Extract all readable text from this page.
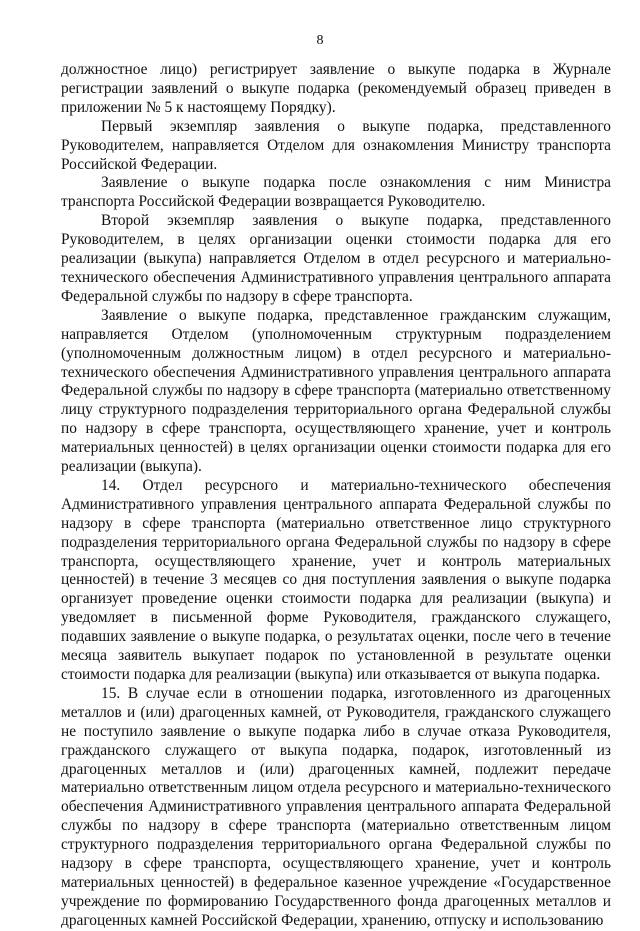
8

должностное лицо) регистрирует заявление о выкупе подарка в Журнале регистрации заявлений о выкупе подарка (рекомендуемый образец приведен в приложении № 5 к настоящему Порядку).

Первый экземпляр заявления о выкупе подарка, представленного Руководителем, направляется Отделом для ознакомления Министру транспорта Российской Федерации.

Заявление о выкупе подарка после ознакомления с ним Министра транспорта Российской Федерации возвращается Руководителю.

Второй экземпляр заявления о выкупе подарка, представленного Руководителем, в целях организации оценки стоимости подарка для его реализации (выкупа) направляется Отделом в отдел ресурсного и материально-технического обеспечения Административного управления центрального аппарата Федеральной службы по надзору в сфере транспорта.

Заявление о выкупе подарка, представленное гражданским служащим, направляется Отделом (уполномоченным структурным подразделением (уполномоченным должностным лицом) в отдел ресурсного и материально-технического обеспечения Административного управления центрального аппарата Федеральной службы по надзору в сфере транспорта (материально ответственному лицу структурного подразделения территориального органа Федеральной службы по надзору в сфере транспорта, осуществляющего хранение, учет и контроль материальных ценностей) в целях организации оценки стоимости подарка для его реализации (выкупа).

14. Отдел ресурсного и материально-технического обеспечения Административного управления центрального аппарата Федеральной службы по надзору в сфере транспорта (материально ответственное лицо структурного подразделения территориального органа Федеральной службы по надзору в сфере транспорта, осуществляющего хранение, учет и контроль материальных ценностей) в течение 3 месяцев со дня поступления заявления о выкупе подарка организует проведение оценки стоимости подарка для реализации (выкупа) и уведомляет в письменной форме Руководителя, гражданского служащего, подавших заявление о выкупе подарка, о результатах оценки, после чего в течение месяца заявитель выкупает подарок по установленной в результате оценки стоимости подарка для реализации (выкупа) или отказывается от выкупа подарка.

15. В случае если в отношении подарка, изготовленного из драгоценных металлов и (или) драгоценных камней, от Руководителя, гражданского служащего не поступило заявление о выкупе подарка либо в случае отказа Руководителя, гражданского служащего от выкупа подарка, подарок, изготовленный из драгоценных металлов и (или) драгоценных камней, подлежит передаче материально ответственным лицом отдела ресурсного и материально-технического обеспечения Административного управления центрального аппарата Федеральной службы по надзору в сфере транспорта (материально ответственным лицом структурного подразделения территориального органа Федеральной службы по надзору в сфере транспорта, осуществляющего хранение, учет и контроль материальных ценностей) в федеральное казенное учреждение «Государственное учреждение по формированию Государственного фонда драгоценных металлов и драгоценных камней Российской Федерации, хранению, отпуску и использованию
